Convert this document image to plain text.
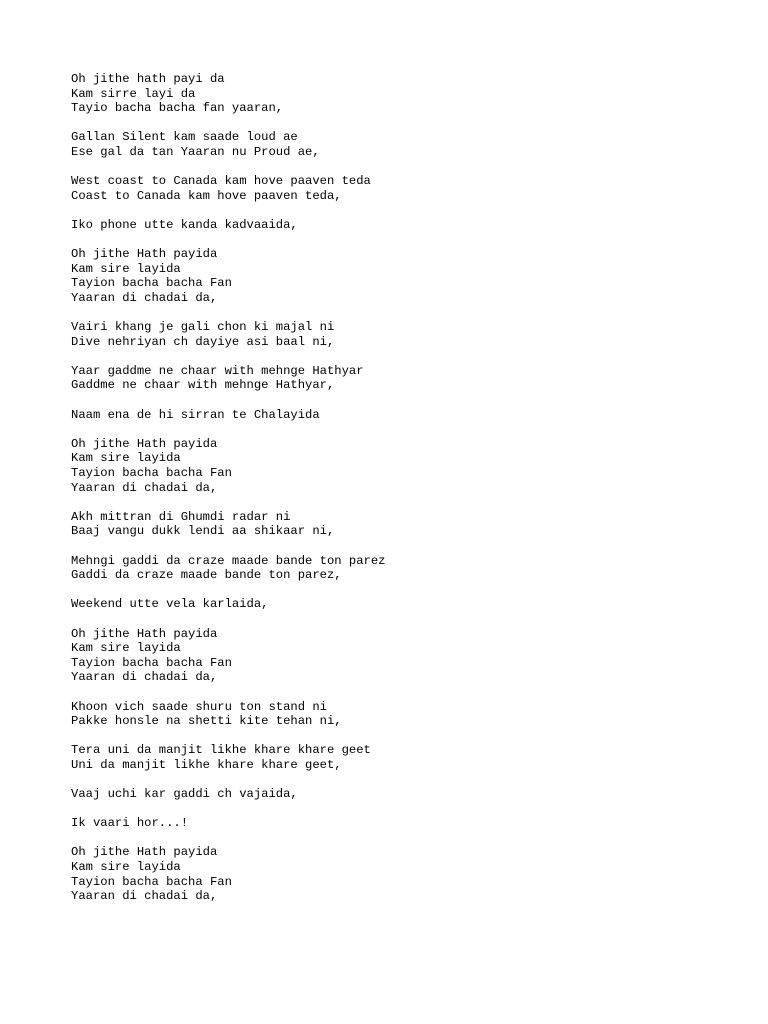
Oh jithe hath payi da
Kam sirre layi da
Tayio bacha bacha fan yaaran,
Gallan Silent kam saade loud ae
Ese gal da tan Yaaran nu Proud ae,
West coast to Canada kam hove paaven teda
Coast to Canada kam hove paaven teda,
Iko phone utte kanda kadvaaida,
Oh jithe Hath payida
Kam sire layida
Tayion bacha bacha Fan
Yaaran di chadai da,
Vairi khang je gali chon ki majal ni
Dive nehriyan ch dayiye asi baal ni,
Yaar gaddme ne chaar with mehnge Hathyar
Gaddme ne chaar with mehnge Hathyar,
Naam ena de hi sirran te Chalayida
Oh jithe Hath payida
Kam sire layida
Tayion bacha bacha Fan
Yaaran di chadai da,
Akh mittran di Ghumdi radar ni
Baaj vangu dukk lendi aa shikaar ni,
Mehngi gaddi da craze maade bande ton parez
Gaddi da craze maade bande ton parez,
Weekend utte vela karlaida,
Oh jithe Hath payida
Kam sire layida
Tayion bacha bacha Fan
Yaaran di chadai da,
Khoon vich saade shuru ton stand ni
Pakke honsle na shetti kite tehan ni,
Tera uni da manjit likhe khare khare geet
Uni da manjit likhe khare khare geet,
Vaaj uchi kar gaddi ch vajaida,
Ik vaari hor...!
Oh jithe Hath payida
Kam sire layida
Tayion bacha bacha Fan
Yaaran di chadai da,
